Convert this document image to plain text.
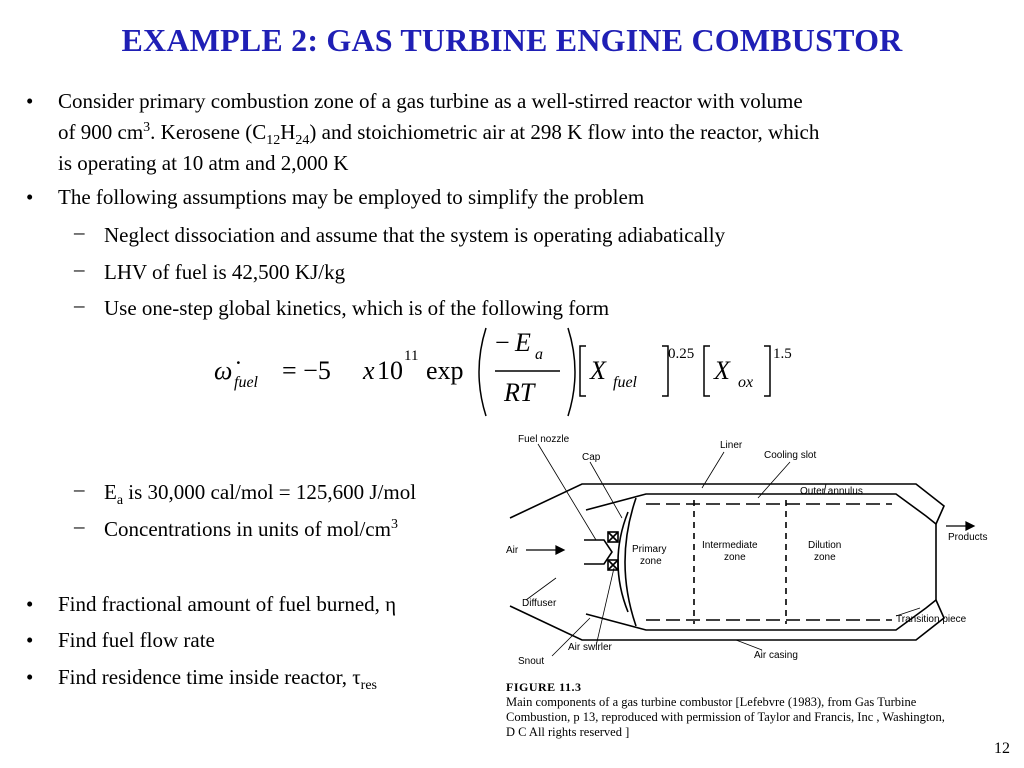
EXAMPLE 2: GAS TURBINE ENGINE COMBUSTOR
• Consider primary combustion zone of a gas turbine as a well-stirred reactor with volume
of 900 $cm^3$. Kerosene $(C_{12}H_{24})$ and stoichiometric air at 298 K flow into the reactor, which
is operating at 10 atm and 2,000 K
• The following assumptions may be employed to simplify the problem
– Neglect dissociation and assume that the system is operating adiabatically
– LHV of fuel is 42,500 KJ/kg
– Use one-step global kinetics, which is of the following form
ω̇ fuel = −5 x 10 11 exp
− E a
RT
X fuel
0.25
X ox
1.5
– $E_a$ is 30,000 cal/mol = 125,600 J/mol
– Concentrations in units of mol/$cm^3$
• Find fractional amount of fuel burned, η
• Find fuel flow rate
• Find residence time inside reactor, $\tau_{res}$
Fuel nozzle
Cap
Liner
Cooling slot
Outer annulus
Air	Primary
zone
Intermediate
zone
Dilution
zone
Products
Diffuser
Transition piece
Air swirler
Air casing
Snout
FIGURE 11.3
Main components of a gas turbine combustor [Lefebvre (1983), from Gas Turbine
Combustion, p 13, reproduced with permission of Taylor and Francis, Inc , Washington,
D C All rights reserved ]
12
